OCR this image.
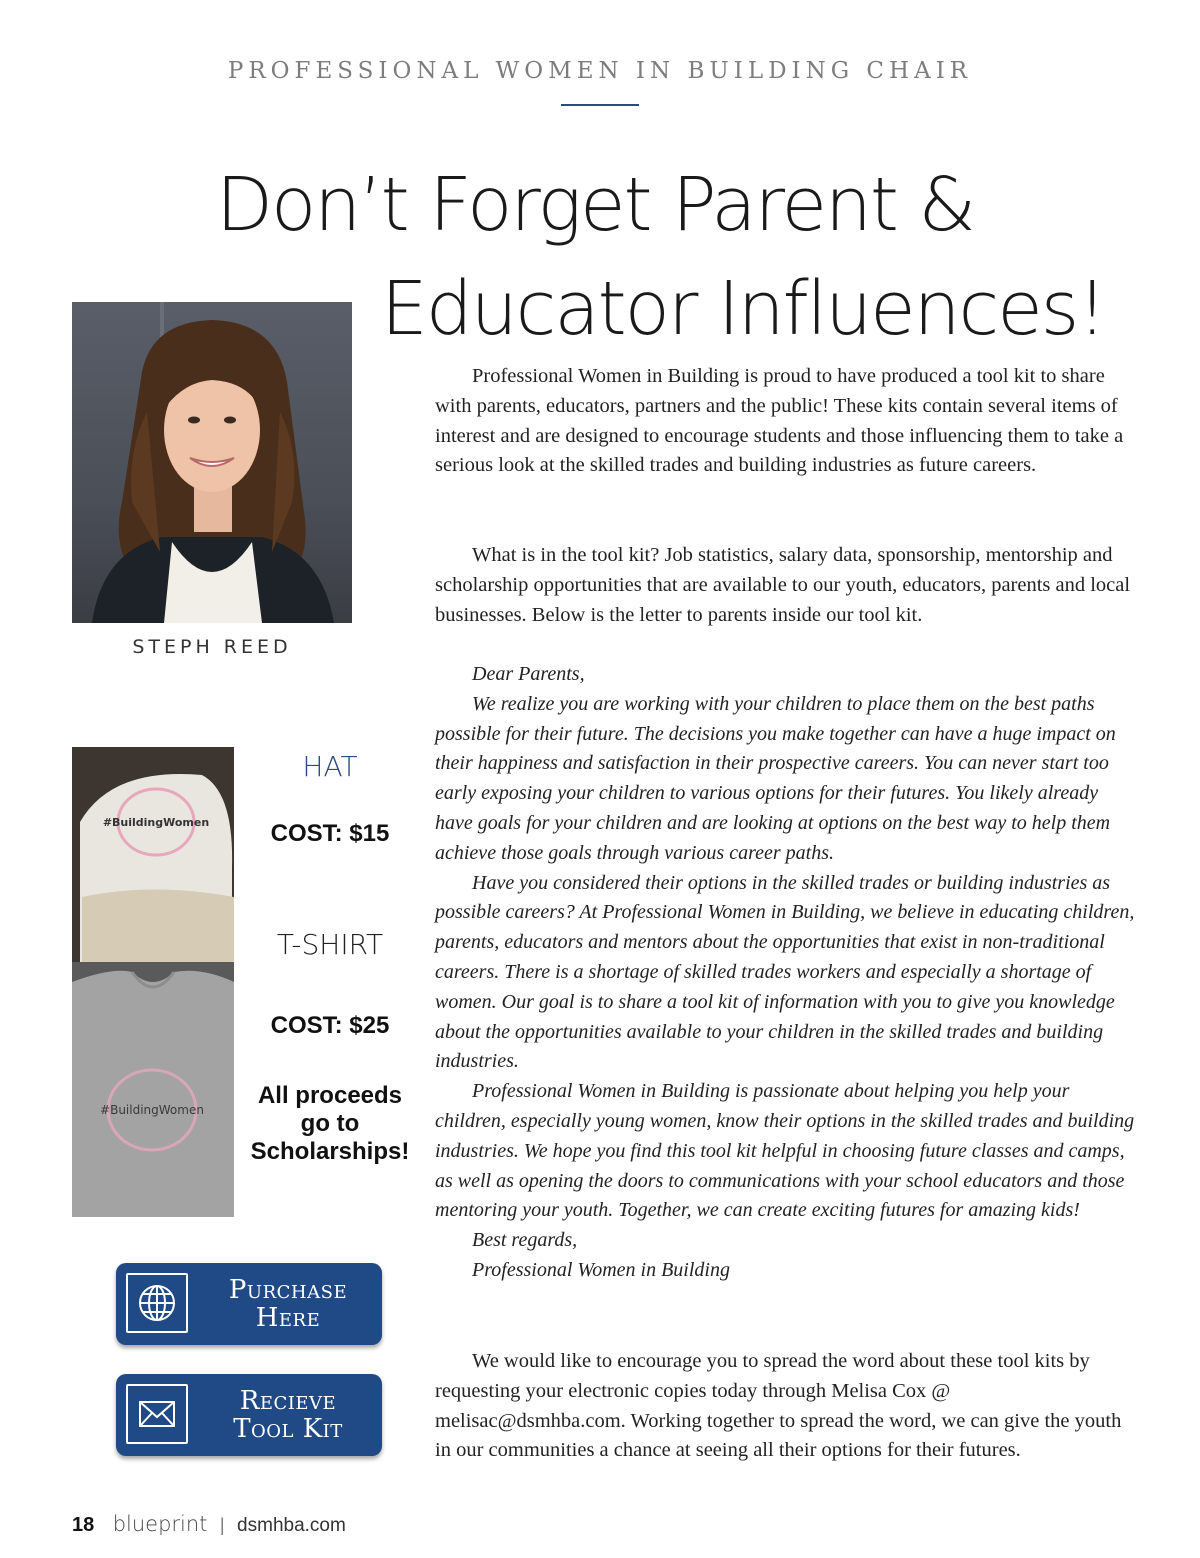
PROFESSIONAL WOMEN IN BUILDING CHAIR
Don’t Forget Parent &
Educator Influences!
STEPH REED
#BuildingWomen
#BuildingWomen
HAT
COST: $15
T-SHIRT
COST: $25
All proceeds
go to
Scholarships!
Purchase
Here
Recieve
Tool Kit

Professional Women in Building is proud to have produced a tool kit to share with parents, educators, partners and the public! These kits contain several items of interest and are designed to encourage students and those influencing them to take a serious look at the skilled trades and building industries as future careers.

What is in the tool kit? Job statistics, salary data, sponsorship, mentorship and scholarship opportunities that are available to our youth, educators, parents and local businesses. Below is the letter to parents inside our tool kit.

Dear Parents,

We realize you are working with your children to place them on the best paths possible for their future. The decisions you make together can have a huge impact on their happiness and satisfaction in their prospective careers. You can never start too early exposing your children to various options for their futures. You likely already have goals for your children and are looking at options on the best way to help them achieve those goals through various career paths.

Have you considered their options in the skilled trades or building industries as possible careers? At Professional Women in Building, we believe in educating children, parents, educators and mentors about the opportunities that exist in non-traditional careers. There is a shortage of skilled trades workers and especially a shortage of women. Our goal is to share a tool kit of information with you to give you knowledge about the opportunities available to your children in the skilled trades and building industries.

Professional Women in Building is passionate about helping you help your children, especially young women, know their options in the skilled trades and building industries. We hope you find this tool kit helpful in choosing future classes and camps, as well as opening the doors to communications with your school educators and those mentoring your youth. Together, we can create exciting futures for amazing kids!

Best regards,

Professional Women in Building

We would like to encourage you to spread the word about these tool kits by requesting your electronic copies today through Melisa Cox @ melisac@dsmhba.com. Working together to spread the word, we can give the youth in our communities a chance at seeing all their options for their futures.

18 blueprint | dsmhba.com
